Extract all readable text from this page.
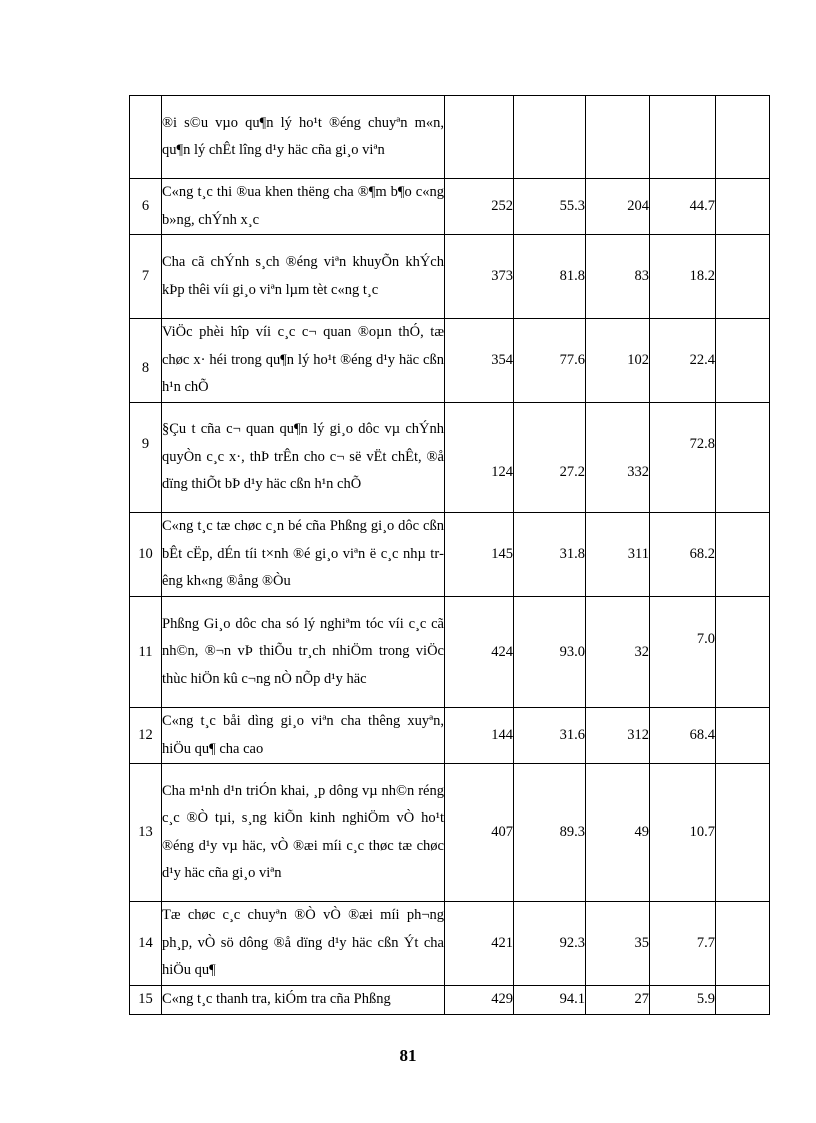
	®i s©u vµo qu¶n lý ho¹t ®éng chuyªn m«n, qu¶n lý chÊt lîng d¹y häc cña gi¸o viªn					
6	C«ng t¸c thi ®ua khen thëng cha ®¶m b¶o c«ng b»ng, chÝnh x¸c	252	55.3	204	44.7	
7	Cha cã chÝnh s¸ch ®éng viªn khuyÕn khÝch kÞp thêi víi gi¸o viªn lµm tèt c«ng t¸c	373	81.8	83	18.2	
8	ViÖc phèi hîp víi c¸c c¬ quan ®oµn thÓ, tæ chøc x· héi trong qu¶n lý ho¹t ®éng d¹y häc cßn h¹n chÕ	354	77.6	102	22.4	
9	§Çu t cña c¬ quan qu¶n lý gi¸o dôc vµ chÝnh quyÒn c¸c x·, thÞ trÊn cho c¬ së vËt chÊt, ®å dïng thiÕt bÞ d¹y häc cßn h¹n chÕ	124	27.2	332	72.8	
10	C«ng t¸c tæ chøc c¸n bé cña Phßng gi¸o dôc cßn bÊt cËp, dÉn tíi t×nh ®é gi¸o viªn ë c¸c nhµ trêng kh«ng ®ång ®Òu	145	31.8	311	68.2	
11	Phßng Gi¸o dôc cha só lý nghiªm tóc víi c¸c cã nh©n, ®¬n vÞ thiÕu tr¸ch nhiÖm trong viÖc thùc hiÖn kû c¬ng nÒ nÕp d¹y häc	424	93.0	32	7.0	
12	C«ng t¸c båi dìng gi¸o viªn cha thêng xuyªn, hiÖu qu¶ cha cao	144	31.6	312	68.4	
13	Cha m¹nh d¹n triÓn khai, ¸p dông vµ nh©n réng c¸c ®Ò tµi, s¸ng kiÕn kinh nghiÖm vÒ ho¹t ®éng d¹y vµ häc, vÒ ®æi míi c¸c thøc tæ chøc d¹y häc cña gi¸o viªn	407	89.3	49	10.7	
14	Tæ chøc c¸c chuyªn ®Ò vÒ ®æi míi ph¬ng ph¸p, vÒ sö dông ®å dïng d¹y häc cßn Ýt cha hiÖu qu¶	421	92.3	35	7.7	
15	C«ng t¸c thanh tra, kiÓm tra cña Phßng	429	94.1	27	5.9	
81
